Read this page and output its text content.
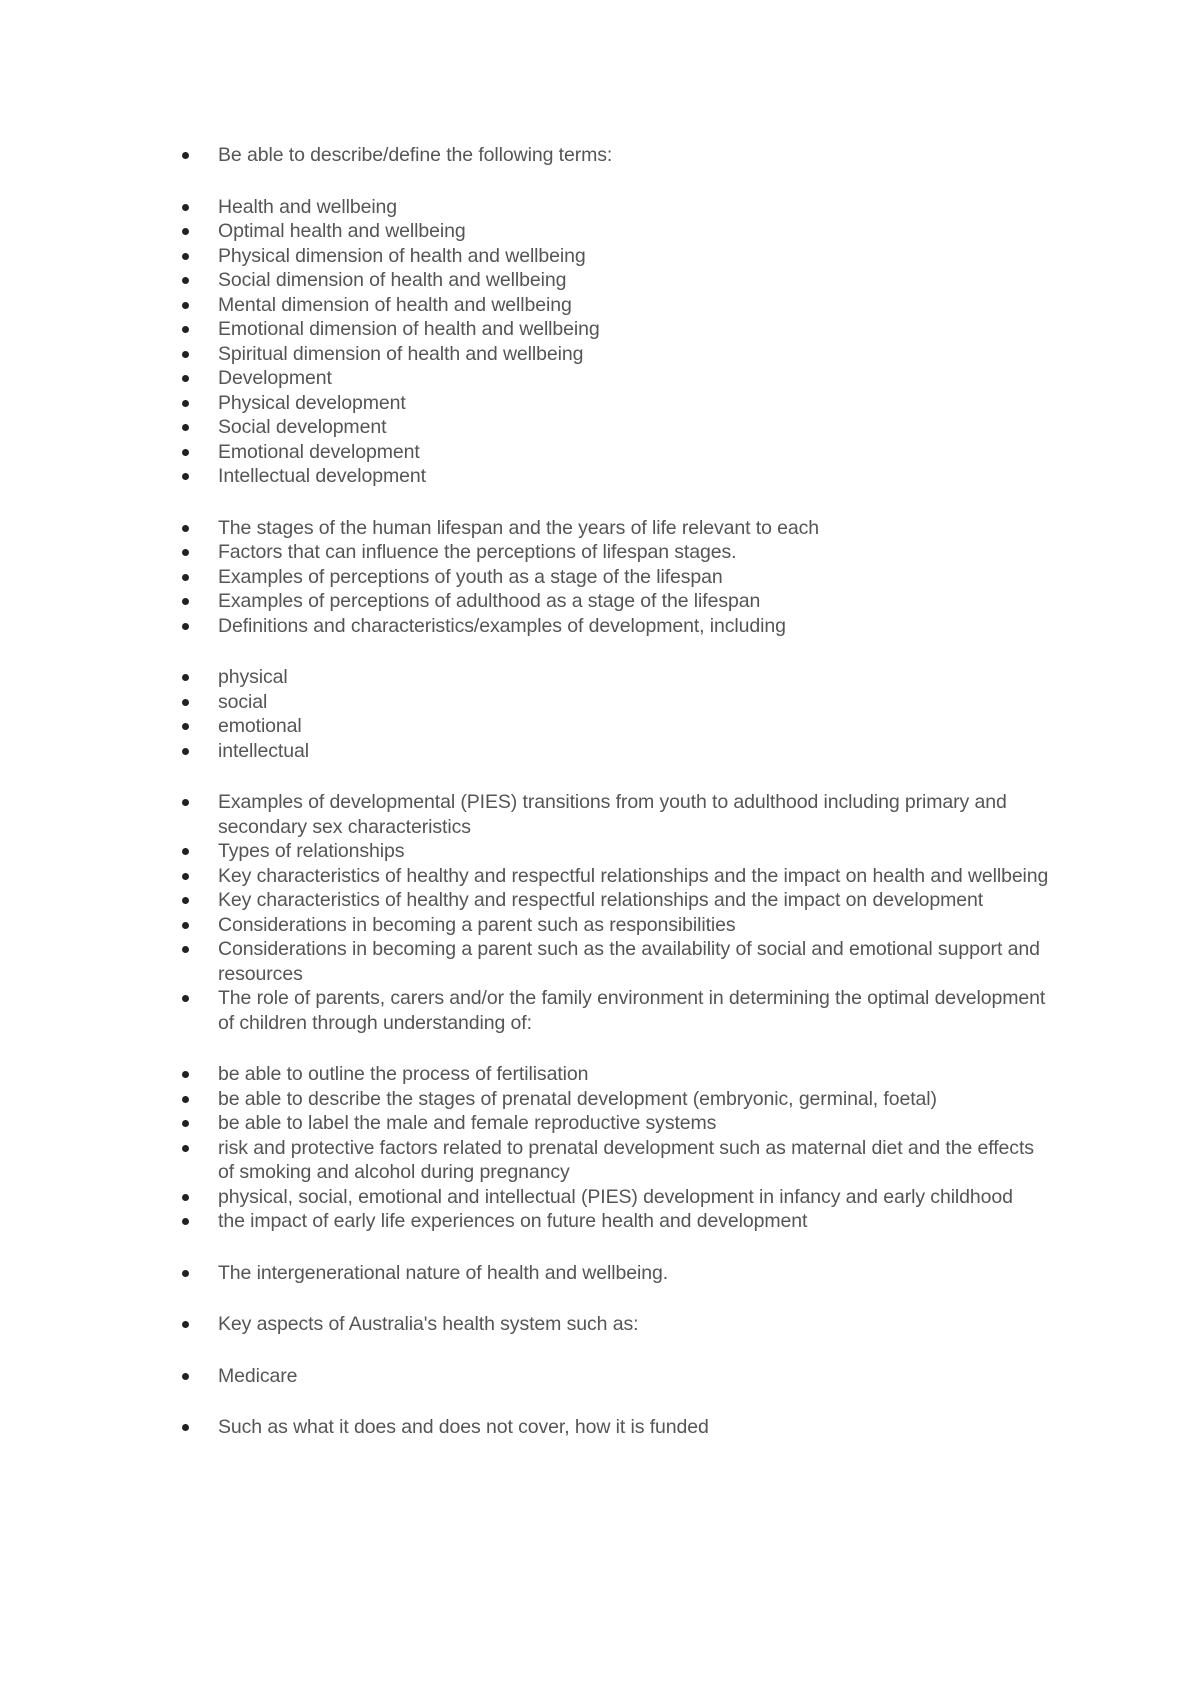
Be able to describe/define the following terms:
Health and wellbeing
Optimal health and wellbeing
Physical dimension of health and wellbeing
Social dimension of health and wellbeing
Mental dimension of health and wellbeing
Emotional dimension of health and wellbeing
Spiritual dimension of health and wellbeing
Development
Physical development
Social development
Emotional development
Intellectual development
The stages of the human lifespan and the years of life relevant to each
Factors that can influence the perceptions of lifespan stages.
Examples of perceptions of youth as a stage of the lifespan
Examples of perceptions of adulthood as a stage of the lifespan
Definitions and characteristics/examples of development, including
physical
social
emotional
intellectual
Examples of developmental (PIES) transitions from youth to adulthood including primary and secondary sex characteristics
Types of relationships
Key characteristics of healthy and respectful relationships and the impact on health and wellbeing
Key characteristics of healthy and respectful relationships and the impact on development
Considerations in becoming a parent such as responsibilities
Considerations in becoming a parent such as the availability of social and emotional support and resources
The role of parents, carers and/or the family environment in determining the optimal development of children through understanding of:
be able to outline the process of fertilisation
be able to describe the stages of prenatal development (embryonic, germinal, foetal)
be able to label the male and female reproductive systems
risk and protective factors related to prenatal development such as maternal diet and the effects of smoking and alcohol during pregnancy
physical, social, emotional and intellectual (PIES) development in infancy and early childhood
the impact of early life experiences on future health and development
The intergenerational nature of health and wellbeing.
Key aspects of Australia's health system such as:
Medicare
Such as what it does and does not cover, how it is funded
